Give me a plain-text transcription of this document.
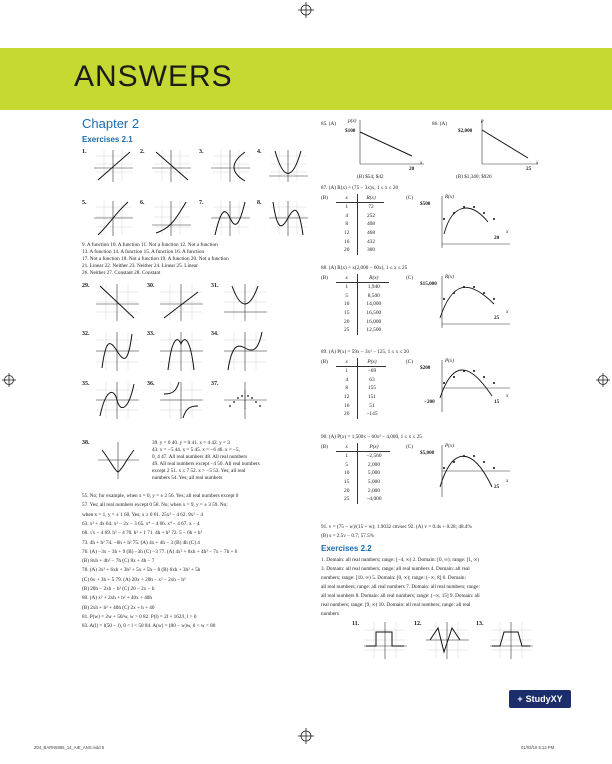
ANSWERS
Chapter 2
Exercises 2.1
1.	2.	3.	4.
5.	6.	7.	8.
9. A function 10. A function 11. Not a function 12. Not a function
13. A function 14. A function 15. A function 16. A function
17. Not a function 18. Not a function 19. A function 20. Not a function
21. Linear 22. Neither 23. Neither 24. Linear 25. Linear
26. Neither 27. Constant 28. Constant
29.	30.	31.
32.	33.	34.
35.	36.	37.
38.	39. y = 0 40. y = 0 41. x = 4 42. y = 3
43. x = −5 44. x = 5 45. x = −6 46. x = −5,
0, 4 47. All real numbers 48. All real numbers
49. All real numbers except −4 50. All real numbers
except 2 51. x ≤ 7 52. x > −5 53. Yes; all real
numbers 54. Yes; all real numbers
55. No; for example, when x = 0, y = ± 2 56. Yes; all real numbers except 0
57. Yes; all real numbers except 0 58. No; when x = 9, y = ± 3 59. No;
when x = 1, y = ± 1 60. Yes; x ≥ 0 61. 25x² − 4 62. 9x² − 4
63. x² + 4x 64. x² − 2x − 3 65. x⁴ − 4 66. x⁴ − 4 67. x − 4
68. √x − 4 69. h² − 4 70. h² + 1 71. 4h + h² 72. 5 − 6h + h²
73. 4h + h² 74. −6h + h² 75. (A) 4x + 4h − 3 (B) 4h (C) 4
76. (A) −3x − 3h + 9 (B) −3h (C) −3 77. (A) 4x² + 8xh + 4h² − 7x − 7h + 6
(B) 8xh + 4h² − 7h (C) 8x + 4h − 7
78. (A) 3x² + 6xh + 3h² + 5x + 5h − 8 (B) 6xh + 3h² + 5h
(C) 6x + 3h + 5 79. (A) 20x + 20h − x² − 2xh − h²
(B) 20h − 2xh − h² (C) 20 − 2x − h
80. (A) x² + 2xh + h² + 40x + 40h
(B) 2xh + h² + 40h (C) 2x + h + 40
81. P(w) = 2w + 50/w, w > 0 82. P(l) = 2l + 162/l, l > 0
83. A(l) = l(50 − l), 0 < l < 50 84. A(w) = (80 − w)w, 0 < w < 80
85. (A) p(x)
$100
20
x
(B) $54; $42
86. (A)	p
$2,000
25
x
(B) $1,340; $920
87. (A) R(x) = (75 − 3x)x, 1 ≤ x ≤ 20
(B)	(C)
x	R(x)
1	72
4	252
8	408
12	468
16	432
20	300
R(x)
$500
20
x
88. (A) R(x) = x(2,000 − 60x), 1 ≤ x ≤ 25
(B)	(C)
x	R(x)
1	1,940
5	8,500
10	14,000
15	16,500
20	16,000
25	12,500
R(x)
$15,000
25
x
89. (A) P(x) = 59x − 3x² − 125, 1 ≤ x ≤ 20
(B)	(C)
x	P(x)
1	−69
4	63
8	155
12	151
16	51
20	−145
P(x)
$200
15
x
−200
90. (A) P(x) = 1,500x − 60x² − 4,000, 1 ≤ x ≤ 25
(B)	(C)
x	P(x)
1	−2,560
5	2,000
10	5,000
15	5,000
20	2,000
25	−4,000
P(x)
$5,000
25
x
91. v = (75 − w)/(15 + w); 1.9032 cm/sec 92. (A) v = 0.4s + 0.28; 48.4%
(B) s = 2.5v − 0.7; 57.5%
Exercises 2.2
1. Domain: all real numbers; range: [−4, ∞) 2. Domain: [0, ∞); range: [1, ∞)
3. Domain: all real numbers; range: all real numbers 4. Domain: all real
numbers; range: [10, ∞) 5. Domain: [0, ∞); range: (−∞, 8] 6. Domain:
all real numbers; range: all real numbers 7. Domain: all real numbers; range:
all real numbers 8. Domain: all real numbers; range: (−∞, 15] 9. Domain: all
real numbers; range: [9, ∞) 10. Domain: all real numbers; range: all real
numbers
11.	12.	13.
+ StudyXY
Z04_BARN5985_14_AIE_ANS.indd 5	01/03/18 5:13 PM
